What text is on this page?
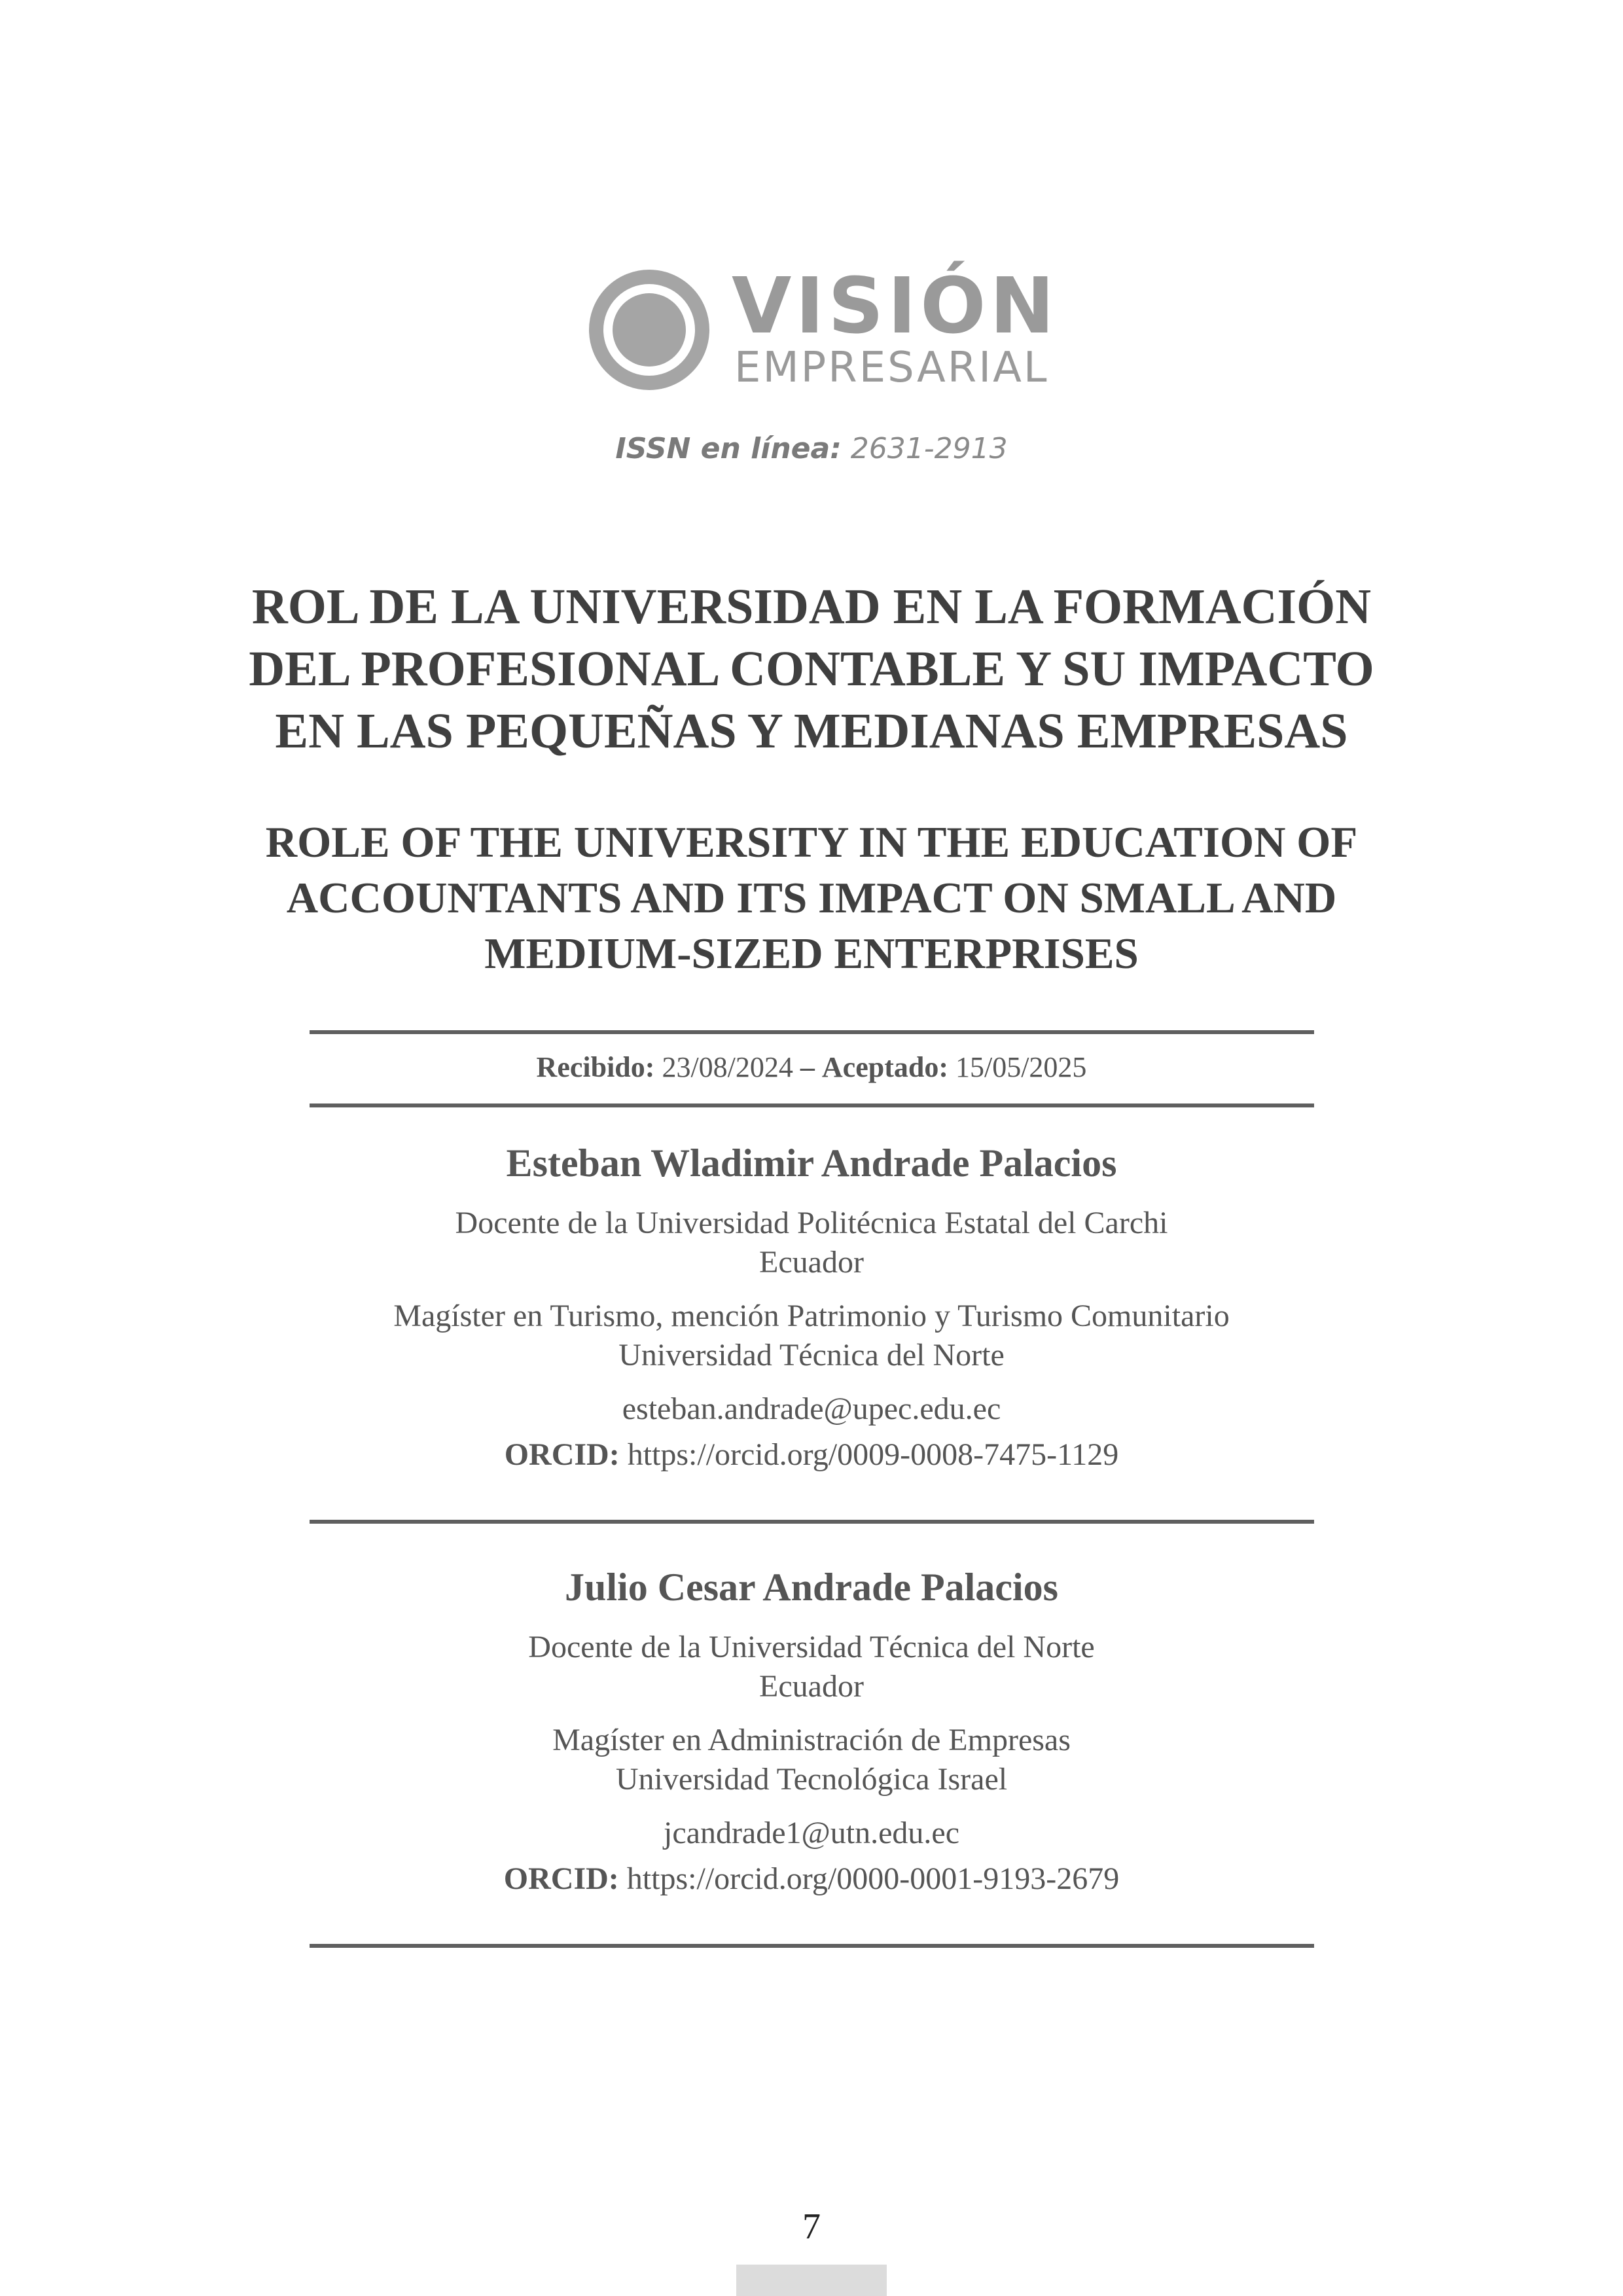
VISIÓN
EMPRESARIAL
ISSN en línea: 2631-2913
ROL DE LA UNIVERSIDAD EN LA FORMACIÓN
DEL PROFESIONAL CONTABLE Y SU IMPACTO
EN LAS PEQUEÑAS Y MEDIANAS EMPRESAS
ROLE OF THE UNIVERSITY IN THE EDUCATION OF
ACCOUNTANTS AND ITS IMPACT ON SMALL AND
MEDIUM-SIZED ENTERPRISES
Recibido: 23/08/2024 – Aceptado: 15/05/2025
Esteban Wladimir Andrade Palacios
Docente de la Universidad Politécnica Estatal del Carchi
Ecuador
Magíster en Turismo, mención Patrimonio y Turismo Comunitario
Universidad Técnica del Norte
esteban.andrade@upec.edu.ec
ORCID: https://orcid.org/0009-0008-7475-1129
Julio Cesar Andrade Palacios
Docente de la Universidad Técnica del Norte
Ecuador
Magíster en Administración de Empresas
Universidad Tecnológica Israel
jcandrade1@utn.edu.ec
ORCID: https://orcid.org/0000-0001-9193-2679
7
